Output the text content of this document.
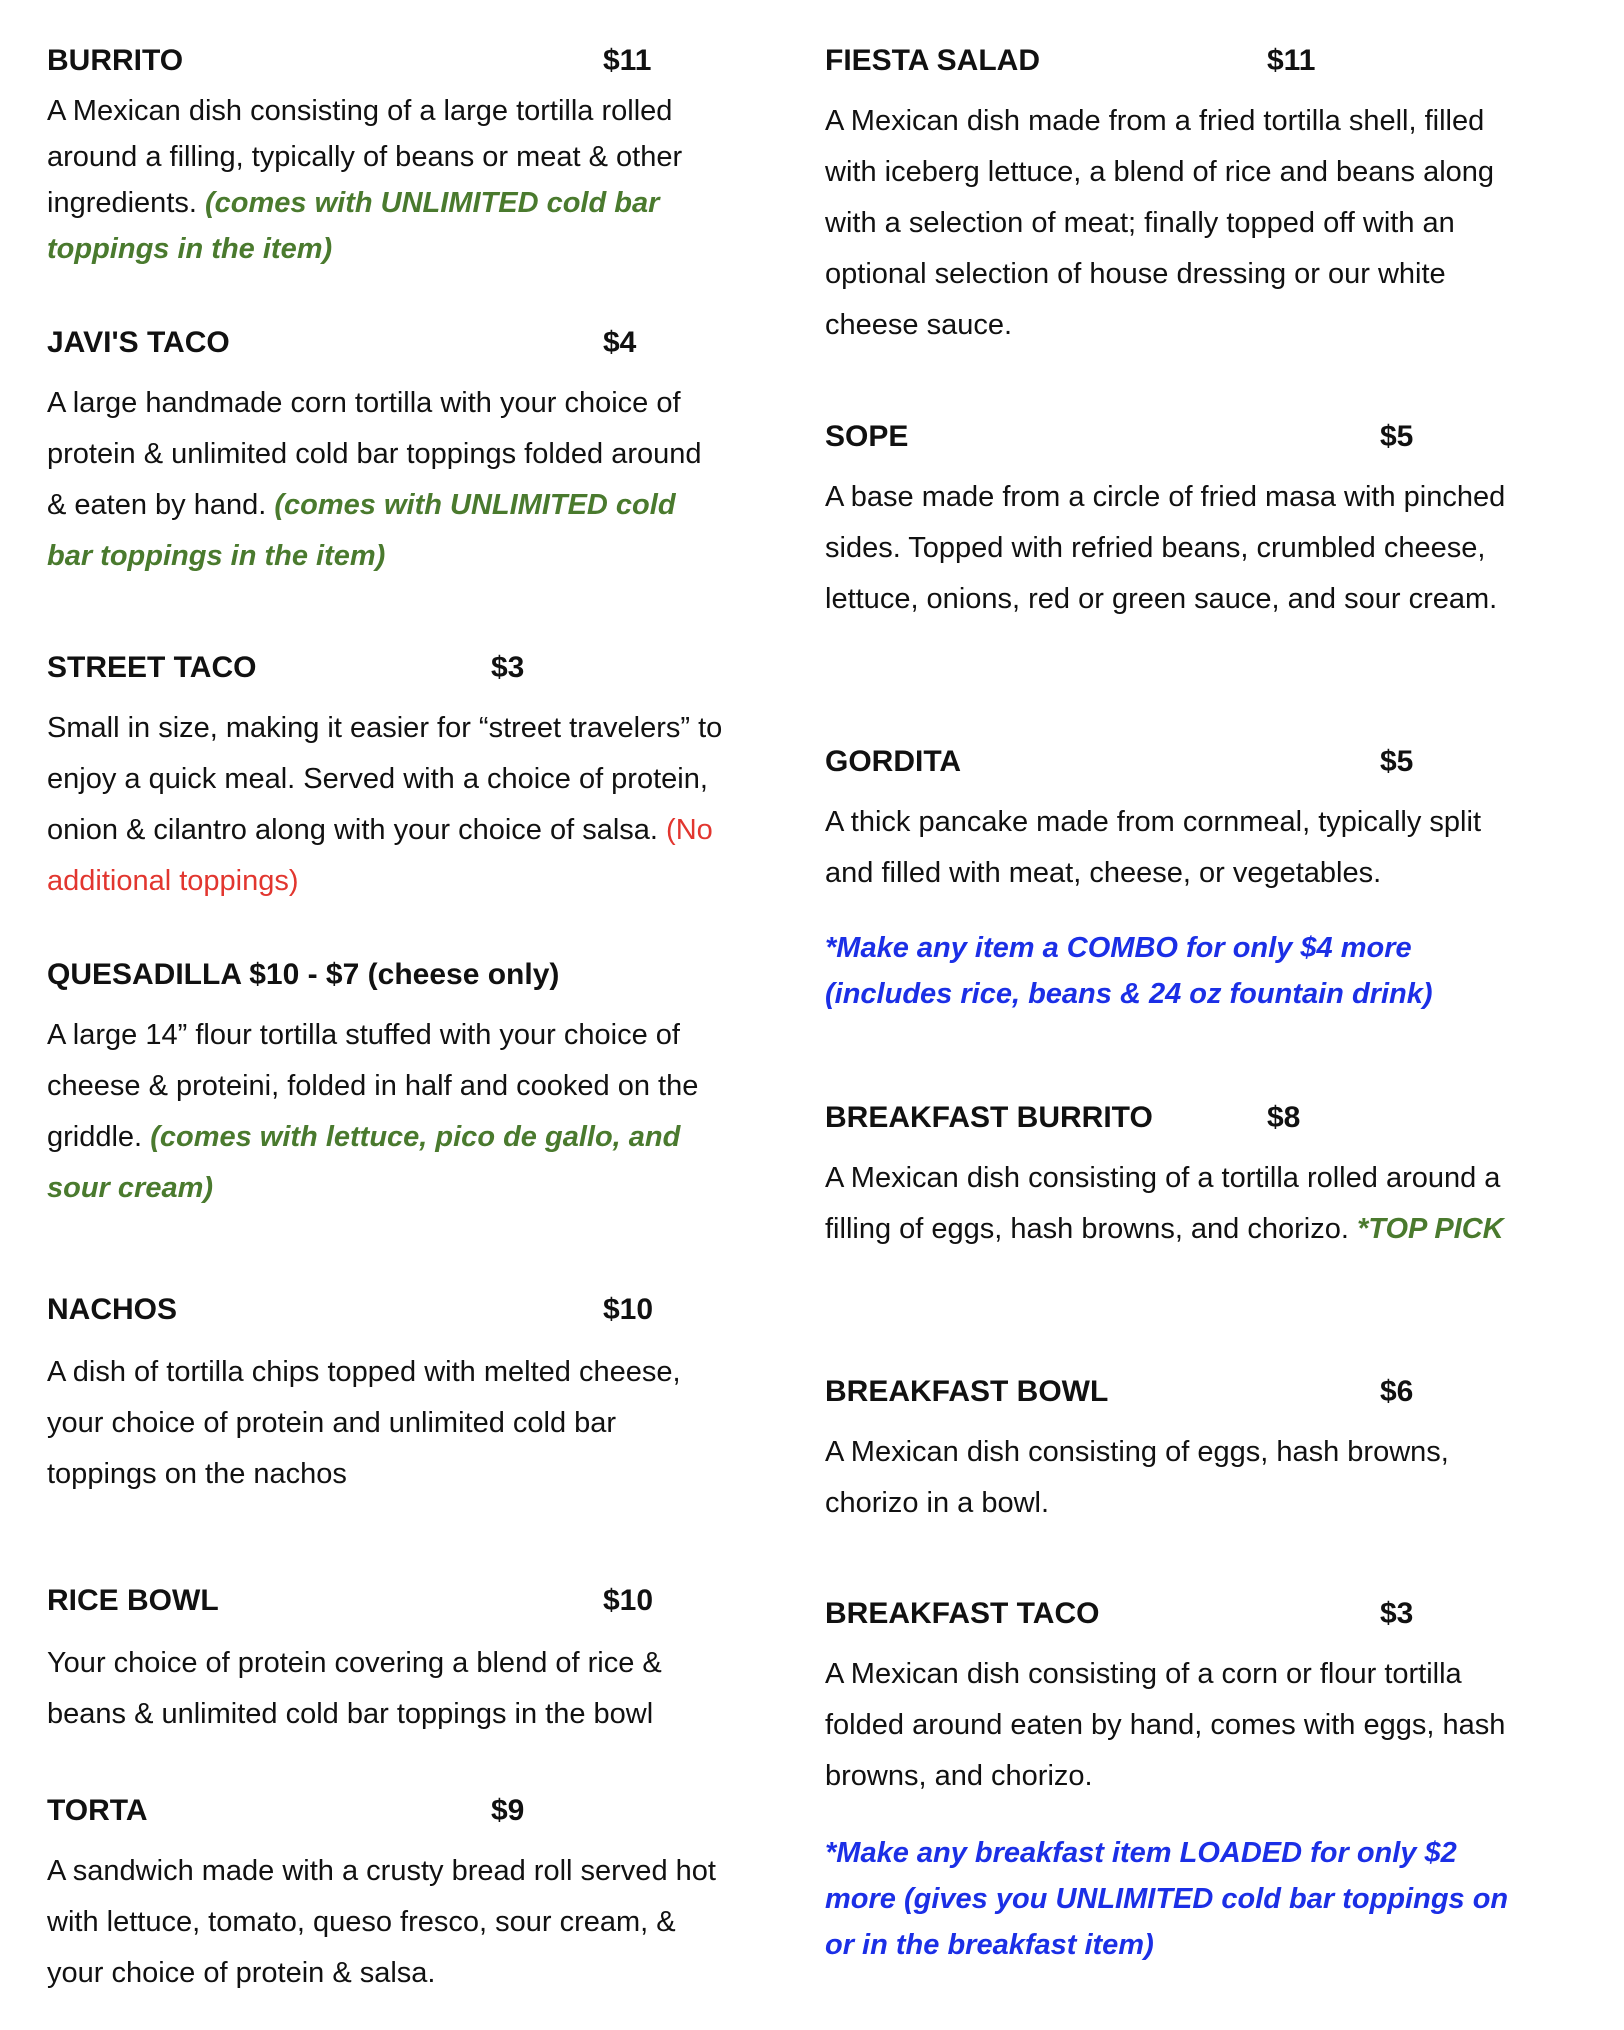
BURRITO	$11

A Mexican dish consisting of a large tortilla rolled around a filling, typically of beans or meat & other ingredients. (comes with UNLIMITED cold bar toppings in the item)

JAVI'S TACO	$4

A large handmade corn tortilla with your choice of protein & unlimited cold bar toppings folded around & eaten by hand. (comes with UNLIMITED cold bar toppings in the item)

STREET TACO	$3

Small in size, making it easier for “street travelers” to enjoy a quick meal. Served with a choice of protein, onion & cilantro along with your choice of salsa. (No additional toppings)

QUESADILLA $10 - $7 (cheese only)

A large 14” flour tortilla stuffed with your choice of cheese & proteini, folded in half and cooked on the griddle. (comes with lettuce, pico de gallo, and sour cream)

NACHOS	$10

A dish of tortilla chips topped with melted cheese, your choice of protein and unlimited cold bar toppings on the nachos

RICE BOWL	$10

Your choice of protein covering a blend of rice & beans & unlimited cold bar toppings in the bowl

TORTA	$9

A sandwich made with a crusty bread roll served hot with lettuce, tomato, queso fresco, sour cream, & your choice of protein & salsa.

FIESTA SALAD	$11

A Mexican dish made from a fried tortilla shell, filled with iceberg lettuce, a blend of rice and beans along with a selection of meat; finally topped off with an optional selection of house dressing or our white cheese sauce.

SOPE	$5

A base made from a circle of fried masa with pinched sides. Topped with refried beans, crumbled cheese, lettuce, onions, red or green sauce, and sour cream.

GORDITA	$5

A thick pancake made from cornmeal, typically split and filled with meat, cheese, or vegetables.

*Make any item a COMBO for only $4 more (includes rice, beans & 24 oz fountain drink)
BREAKFAST BURRITO	$8

A Mexican dish consisting of a tortilla rolled around a filling of eggs, hash browns, and chorizo. *TOP PICK

BREAKFAST BOWL	$6

A Mexican dish consisting of eggs, hash browns, chorizo in a bowl.

BREAKFAST TACO	$3

A Mexican dish consisting of a corn or flour tortilla folded around eaten by hand, comes with eggs, hash browns, and chorizo.

*Make any breakfast item LOADED for only $2 more (gives you UNLIMITED cold bar toppings on or in the breakfast item)
